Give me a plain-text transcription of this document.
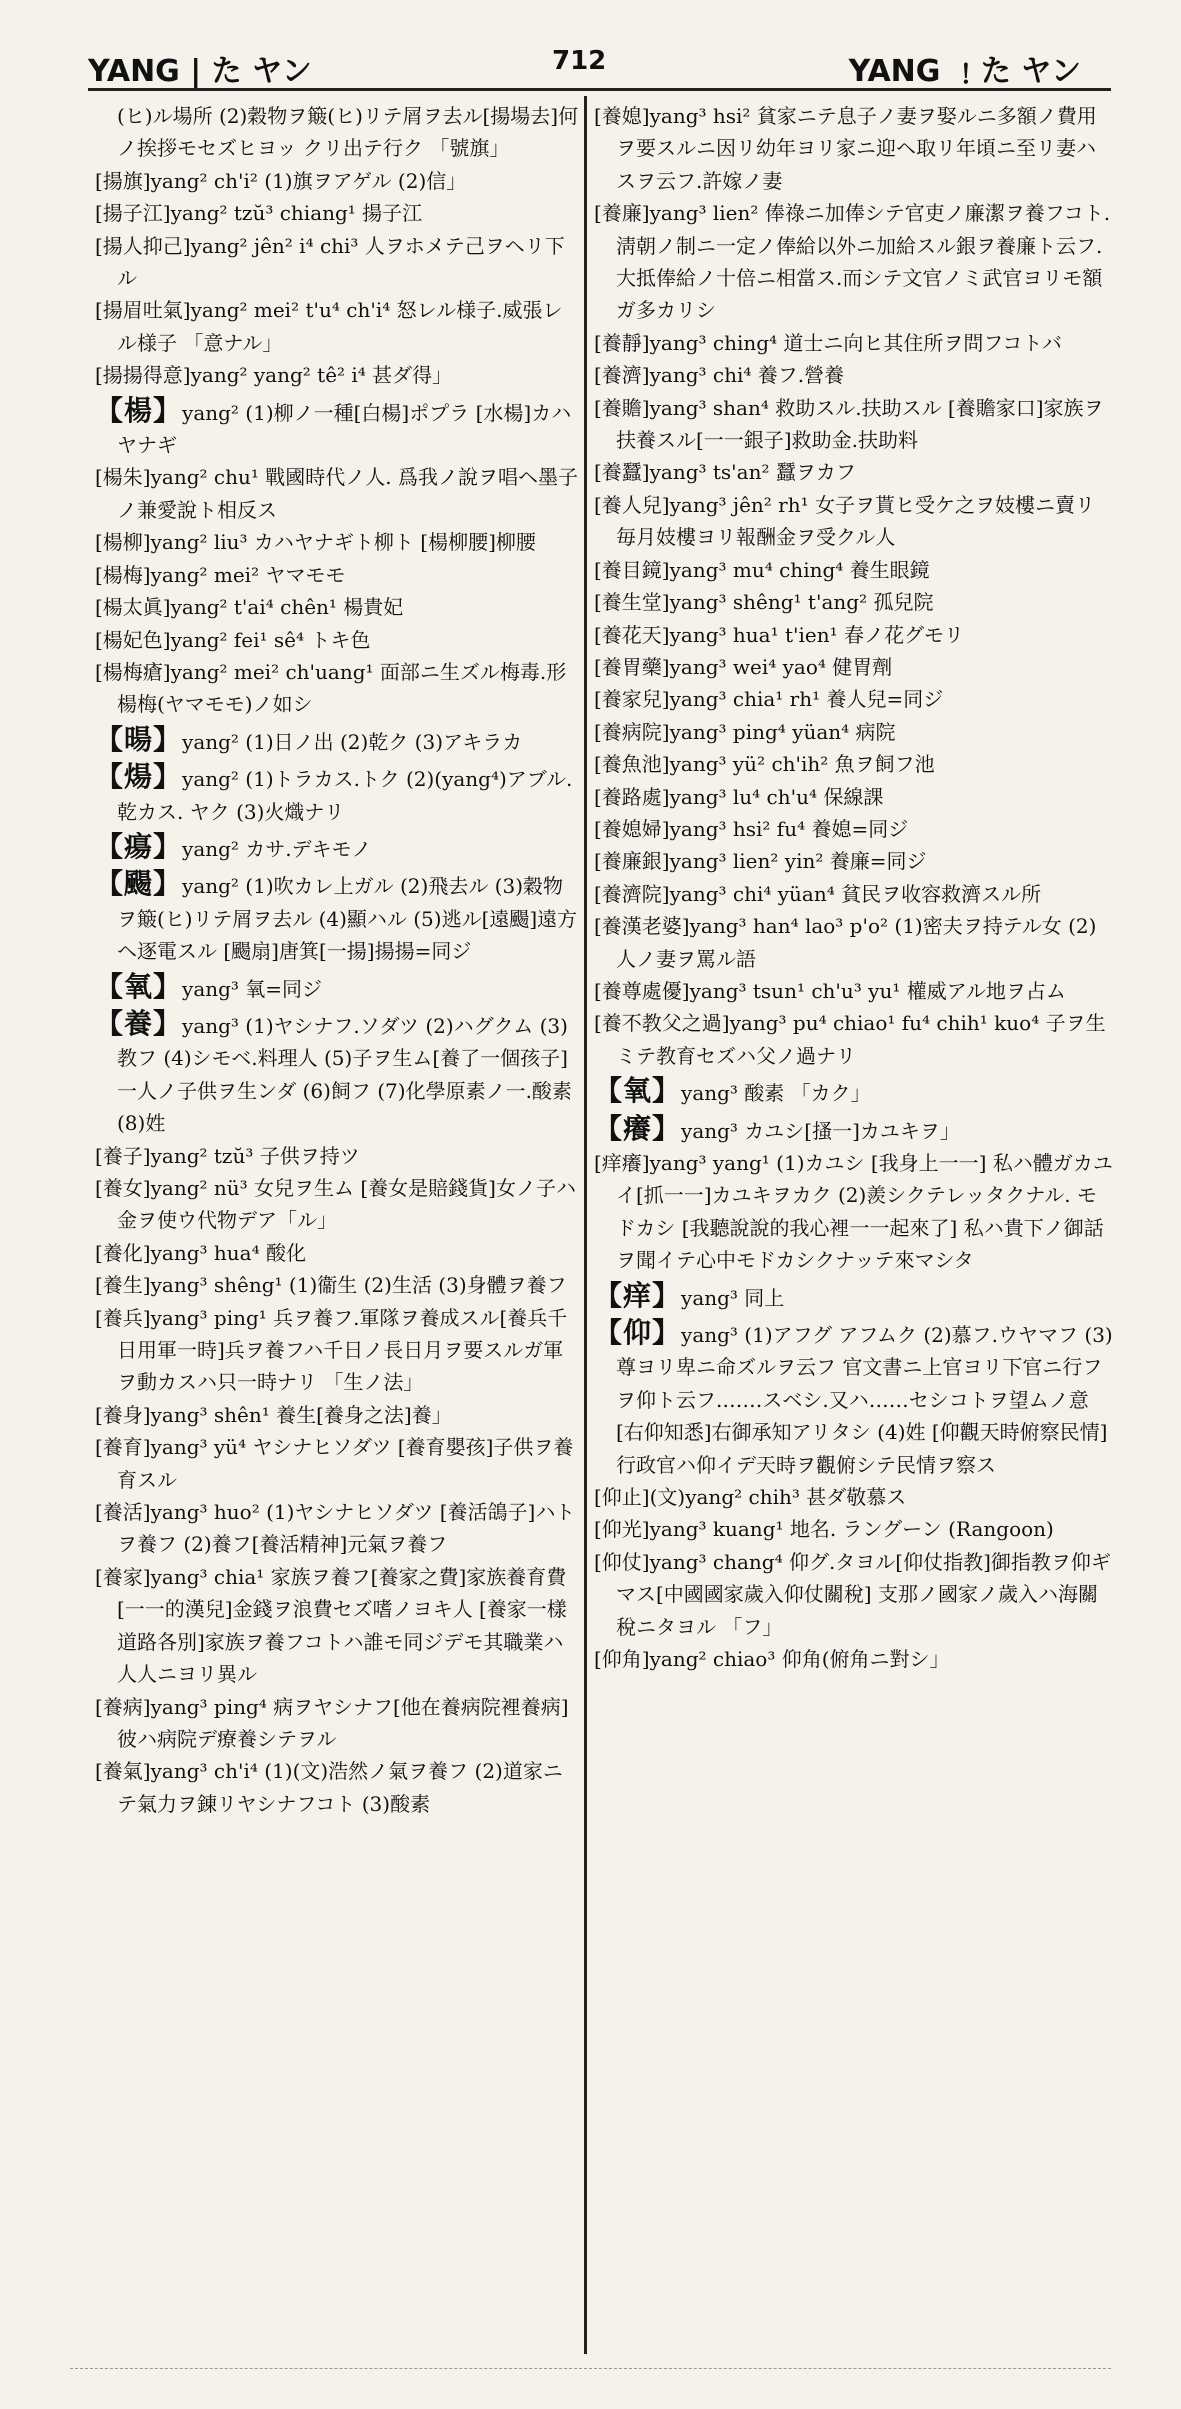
YANG | た ヤン	712	YANG ﹗た ヤン

(ヒ)ル場所 (2)穀物ヲ簸(ヒ)リテ屑ヲ去ル[揚場去]何ノ挨拶モセズヒヨッ クリ出テ行ク 「號旗」

[揚旗]yang² ch'i² (1)旗ヲアゲル (2)信」

[揚子江]yang² tzŭ³ chiang¹ 揚子江

[揚人抑己]yang² jên² i⁴ chi³ 人ヲホメテ己ヲヘリ下ル

[揚眉吐氣]yang² mei² t'u⁴ ch'i⁴ 怒レル様子.威張レル様子 「意ナル」

[揚揚得意]yang² yang² tê² i⁴ 甚ダ得」

【楊】yang² (1)柳ノ一種[白楊]ポプラ [水楊]カハヤナギ

[楊朱]yang² chu¹ 戰國時代ノ人. 爲我ノ說ヲ唱ヘ墨子ノ兼愛說ト相反ス

[楊柳]yang² liu³ カハヤナギト柳ト [楊柳腰]柳腰

[楊梅]yang² mei² ヤマモモ

[楊太眞]yang² t'ai⁴ chên¹ 楊貴妃

[楊妃色]yang² fei¹ sê⁴ トキ色

[楊梅瘡]yang² mei² ch'uang¹ 面部ニ生ズル梅毒.形楊梅(ヤマモモ)ノ如シ

【暘】yang² (1)日ノ出 (2)乾ク (3)アキラカ

【煬】yang² (1)トラカス.トク (2)(yang⁴)アブル.乾カス. ヤク (3)火熾ナリ

【瘍】yang² カサ.デキモノ

【颺】yang² (1)吹カレ上ガル (2)飛去ル (3)穀物ヲ簸(ヒ)リテ屑ヲ去ル (4)顯ハル (5)逃ル[遠颺]遠方ヘ逐電スル [颺扇]唐箕[一揚]揚揚=同ジ

【氧】yang³ 氧=同ジ

【養】yang³ (1)ヤシナフ.ソダツ (2)ハグクム (3)教フ (4)シモベ.料理人 (5)子ヲ生ム[養了一個孩子]一人ノ子供ヲ生ンダ (6)飼フ (7)化學原素ノ一.酸素 (8)姓

[養子]yang² tzŭ³ 子供ヲ持ツ

[養女]yang² nü³ 女兒ヲ生ム [養女是賠錢貨]女ノ子ハ金ヲ使ウ代物デア「ル」

[養化]yang³ hua⁴ 酸化

[養生]yang³ shêng¹ (1)衞生 (2)生活 (3)身體ヲ養フ

[養兵]yang³ ping¹ 兵ヲ養フ.軍隊ヲ養成スル[養兵千日用軍一時]兵ヲ養フハ千日ノ長日月ヲ要スルガ軍ヲ動カスハ只一時ナリ 「生ノ法」

[養身]yang³ shên¹ 養生[養身之法]養」

[養育]yang³ yü⁴ ヤシナヒソダツ [養育嬰孩]子供ヲ養育スル

[養活]yang³ huo² (1)ヤシナヒソダツ [養活鴿子]ハトヲ養フ (2)養フ[養活精神]元氣ヲ養フ

[養家]yang³ chia¹ 家族ヲ養フ[養家之費]家族養育費[一一的漢兒]金錢ヲ浪費セズ嗜ノヨキ人 [養家一樣道路各別]家族ヲ養フコトハ誰モ同ジデモ其職業ハ人人ニヨリ異ル

[養病]yang³ ping⁴ 病ヲヤシナフ[他在養病院裡養病]彼ハ病院デ療養シテヲル

[養氣]yang³ ch'i⁴ (1)(文)浩然ノ氣ヲ養フ (2)道家ニテ氣力ヲ錬リヤシナフコト (3)酸素

[養媳]yang³ hsi² 貧家ニテ息子ノ妻ヲ娶ルニ多額ノ費用ヲ要スルニ因リ幼年ヨリ家ニ迎ヘ取リ年頃ニ至リ妻ハスヲ云フ.許嫁ノ妻

[養廉]yang³ lien² 俸祿ニ加俸シテ官吏ノ廉潔ヲ養フコト. 淸朝ノ制ニ一定ノ俸給以外ニ加給スル銀ヲ養廉ト云フ.大抵俸給ノ十倍ニ相當ス.而シテ文官ノミ武官ヨリモ額ガ多カリシ

[養靜]yang³ ching⁴ 道士ニ向ヒ其住所ヲ問フコトバ

[養濟]yang³ chi⁴ 養フ.營養

[養贍]yang³ shan⁴ 救助スル.扶助スル [養贍家口]家族ヲ扶養スル[一一銀子]救助金.扶助料

[養蠶]yang³ ts'an² 蠶ヲカフ

[養人兒]yang³ jên² rh¹ 女子ヲ貰ヒ受ケ之ヲ妓樓ニ賣リ毎月妓樓ヨリ報酬金ヲ受クル人

[養目鏡]yang³ mu⁴ ching⁴ 養生眼鏡

[養生堂]yang³ shêng¹ t'ang² 孤兒院

[養花天]yang³ hua¹ t'ien¹ 春ノ花グモリ

[養胃藥]yang³ wei⁴ yao⁴ 健胃劑

[養家兒]yang³ chia¹ rh¹ 養人兒=同ジ

[養病院]yang³ ping⁴ yüan⁴ 病院

[養魚池]yang³ yü² ch'ih² 魚ヲ飼フ池

[養路處]yang³ lu⁴ ch'u⁴ 保線課

[養媳婦]yang³ hsi² fu⁴ 養媳=同ジ

[養廉銀]yang³ lien² yin² 養廉=同ジ

[養濟院]yang³ chi⁴ yüan⁴ 貧民ヲ收容救濟スル所

[養漢老婆]yang³ han⁴ lao³ p'o² (1)密夫ヲ持テル女 (2)人ノ妻ヲ罵ル語

[養尊處優]yang³ tsun¹ ch'u³ yu¹ 權威アル地ヲ占ム

[養不教父之過]yang³ pu⁴ chiao¹ fu⁴ chih¹ kuo⁴ 子ヲ生ミテ教育セズハ父ノ過ナリ

【氧】yang³ 酸素 「カク」

【癢】yang³ カユシ[搔一]カユキヲ」

[痒癢]yang³ yang¹ (1)カユシ [我身上一一] 私ハ體ガカユイ[抓一一]カユキヲカク (2)羨シクテレッタクナル. モドカシ [我聽說說的我心裡一一起來了] 私ハ貴下ノ御話ヲ聞イテ心中モドカシクナッテ來マシタ

【痒】yang³ 同上

【仰】yang³ (1)アフグ アフムク (2)慕フ.ウヤマフ (3)尊ヨリ卑ニ命ズルヲ云フ 官文書ニ上官ヨリ下官ニ行フヲ仰ト云フ.……スベシ.又ハ……セシコトヲ望ムノ意[右仰知悉]右御承知アリタシ (4)姓 [仰觀天時俯察民情] 行政官ハ仰イデ天時ヲ觀俯シテ民情ヲ察ス

[仰止](文)yang² chih³ 甚ダ敬慕ス

[仰光]yang³ kuang¹ 地名. ラングーン (Rangoon)

[仰仗]yang³ chang⁴ 仰グ.タヨル[仰仗指教]御指教ヲ仰ギマス[中國國家歲入仰仗關稅] 支那ノ國家ノ歲入ハ海關稅ニタヨル 「フ」

[仰角]yang² chiao³ 仰角(俯角ニ對シ」
